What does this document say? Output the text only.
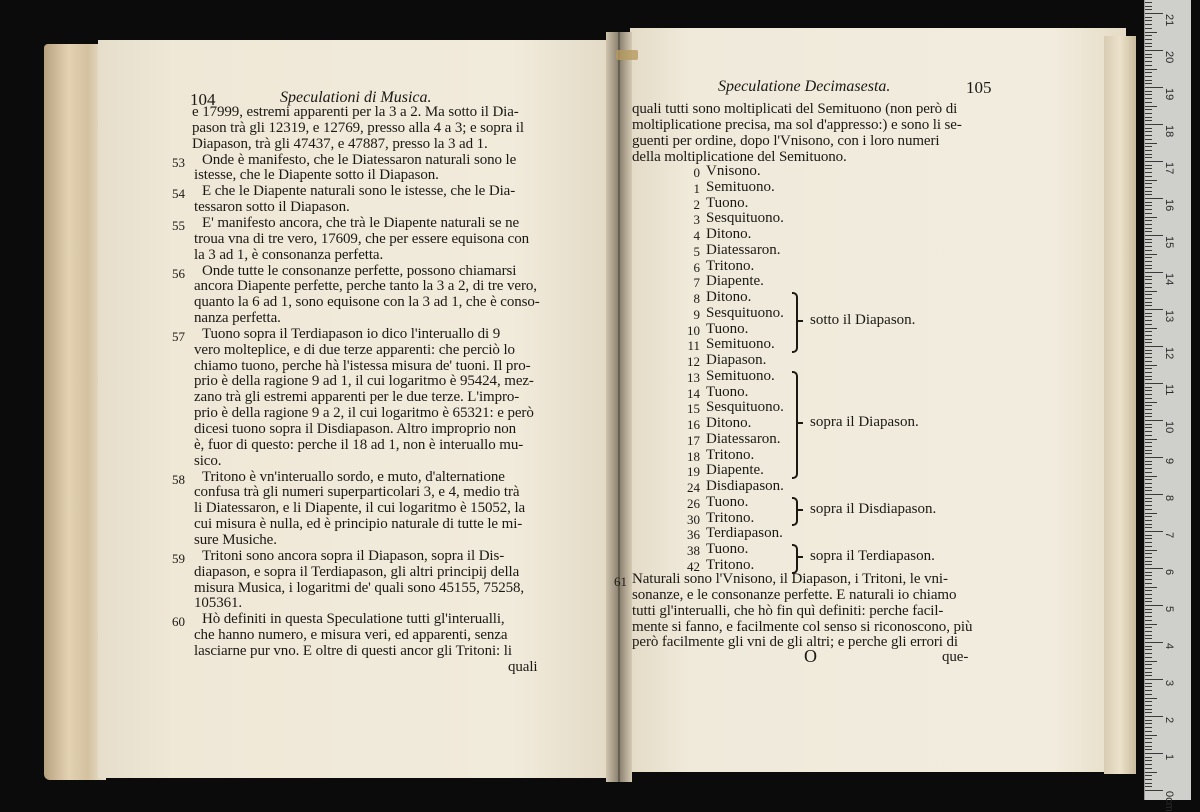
104	Speculationi di Musica.
e 17999, estremi apparenti per la 3 a 2. Ma sotto il Dia-
pason trà gli 12319, e 12769, presso alla 4 a 3; e sopra il
Diapason, trà gli 47437, e 47887, presso la 3 ad 1.
53 Onde è manifesto, che le Diatessaron naturali sono le
istesse, che le Diapente sotto il Diapason.
54 E che le Diapente naturali sono le istesse, che le Dia-
tessaron sotto il Diapason.
55 E' manifesto ancora, che trà le Diapente naturali se ne
troua vna di tre vero, 17609, che per essere equisona con
la 3 ad 1, è consonanza perfetta.
56 Onde tutte le consonanze perfette, possono chiamarsi
ancora Diapente perfette, perche tanto la 3 a 2, di tre vero,
quanto la 6 ad 1, sono equisone con la 3 ad 1, che è conso-
nanza perfetta.
57 Tuono sopra il Terdiapason io dico l'interuallo di 9
vero molteplice, e di due terze apparenti: che perciò lo
chiamo tuono, perche hà l'istessa misura de' tuoni. Il pro-
prio è della ragione 9 ad 1, il cui logaritmo è 95424, mez-
zano trà gli estremi apparenti per le due terze. L'impro-
prio è della ragione 9 a 2, il cui logaritmo è 65321: e però
dicesi tuono sopra il Disdiapason. Altro improprio non
è, fuor di questo: perche il 18 ad 1, non è interuallo mu-
sico.
58 Tritono è vn'interuallo sordo, e muto, d'alternatione
confusa trà gli numeri superparticolari 3, e 4, medio trà
li Diatessaron, e li Diapente, il cui logaritmo è 15052, la
cui misura è nulla, ed è principio naturale di tutte le mi-
sure Musiche.
59 Tritoni sono ancora sopra il Diapason, sopra il Dis-
diapason, e sopra il Terdiapason, gli altri principij della
misura Musica, i logaritmi de' quali sono 45155, 75258,
105361.
60 Hò definiti in questa Speculatione tutti gl'interualli,
che hanno numero, e misura veri, ed apparenti, senza
lasciarne pur vno. E oltre di questi ancor gli Tritoni: li
quali
Speculatione Decimasesta.	105
O	que-
quali tutti sono moltiplicati del Semituono (non però di
moltiplicatione precisa, ma sol d'appresso:) e sono li se-
guenti per ordine, dopo l'Vnisono, con i loro numeri
della moltiplicatione del Semituono.
0 Vnisono.
1 Semituono.
2 Tuono.
3 Sesquituono.
4 Ditono.
5 Diatessaron.
6 Tritono.
7 Diapente.
8 Ditono.
9 Sesquituono.
10 Tuono.
11 Semituono.
12 Diapason.
13 Semituono.
14 Tuono.
15 Sesquituono.
16 Ditono.
17 Diatessaron.
18 Tritono.
19 Diapente.
24 Disdiapason.
26 Tuono.
30 Tritono.
36 Terdiapason.
38 Tuono.
42 Tritono.
sotto il Diapason.
sopra il Diapason.
sopra il Disdiapason.
sopra il Terdiapason.
61 Naturali sono l'Vnisono, il Diapason, i Tritoni, le vni-
sonanze, e le consonanze perfette. E naturali io chiamo
tutti gl'interualli, che hò fin quì definiti: perche facil-
mente si fanno, e facilmente col senso si riconoscono, più
però facilmente gli vni de gli altri; e perche gli errori di
21
20
19
18
17
16
15
14
13
12
11
10
9
8
7
6
5
4
3
2
1
0cm
